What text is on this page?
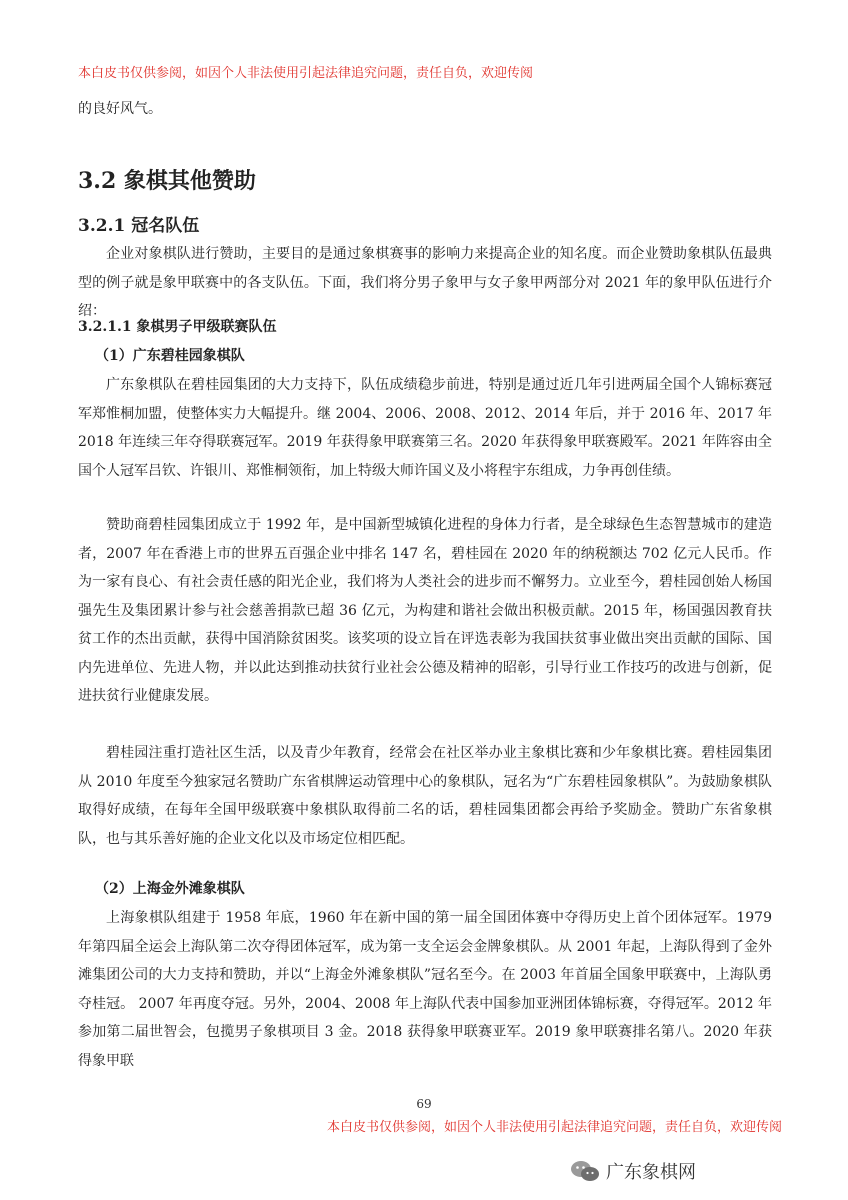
本白皮书仅供参阅，如因个人非法使用引起法律追究问题，责任自负，欢迎传阅
的良好风气。
3.2 象棋其他赞助
3.2.1 冠名队伍

企业对象棋队进行赞助，主要目的是通过象棋赛事的影响力来提高企业的知名度。而企业赞助象棋队伍最典型的例子就是象甲联赛中的各支队伍。下面，我们将分男子象甲与女子象甲两部分对 2021 年的象甲队伍进行介绍：

3.2.1.1 象棋男子甲级联赛队伍
（1）广东碧桂园象棋队

广东象棋队在碧桂园集团的大力支持下，队伍成绩稳步前进，特别是通过近几年引进两届全国个人锦标赛冠军郑惟桐加盟，使整体实力大幅提升。继 2004、2006、2008、2012、2014 年后，并于 2016 年、2017 年 2018 年连续三年夺得联赛冠军。2019 年获得象甲联赛第三名。2020 年获得象甲联赛殿军。2021 年阵容由全国个人冠军吕钦、许银川、郑惟桐领衔，加上特级大师许国义及小将程宇东组成，力争再创佳绩。

赞助商碧桂园集团成立于 1992 年，是中国新型城镇化进程的身体力行者，是全球绿色生态智慧城市的建造者，2007 年在香港上市的世界五百强企业中排名 147 名，碧桂园在 2020 年的纳税额达 702 亿元人民币。作为一家有良心、有社会责任感的阳光企业，我们将为人类社会的进步而不懈努力。立业至今，碧桂园创始人杨国强先生及集团累计参与社会慈善捐款已超 36 亿元，为构建和谐社会做出积极贡献。2015 年，杨国强因教育扶贫工作的杰出贡献，获得中国消除贫困奖。该奖项的设立旨在评选表彰为我国扶贫事业做出突出贡献的国际、国内先进单位、先进人物，并以此达到推动扶贫行业社会公德及精神的昭彰，引导行业工作技巧的改进与创新，促进扶贫行业健康发展。

碧桂园注重打造社区生活，以及青少年教育，经常会在社区举办业主象棋比赛和少年象棋比赛。碧桂园集团从 2010 年度至今独家冠名赞助广东省棋牌运动管理中心的象棋队，冠名为“广东碧桂园象棋队”。为鼓励象棋队取得好成绩，在每年全国甲级联赛中象棋队取得前二名的话，碧桂园集团都会再给予奖励金。赞助广东省象棋队，也与其乐善好施的企业文化以及市场定位相匹配。

（2）上海金外滩象棋队

上海象棋队组建于 1958 年底，1960 年在新中国的第一届全国团体赛中夺得历史上首个团体冠军。1979 年第四届全运会上海队第二次夺得团体冠军，成为第一支全运会金牌象棋队。从 2001 年起，上海队得到了金外滩集团公司的大力支持和赞助，并以“上海金外滩象棋队”冠名至今。在 2003 年首届全国象甲联赛中，上海队勇夺桂冠。 2007 年再度夺冠。另外，2004、2008 年上海队代表中国参加亚洲团体锦标赛，夺得冠军。2012 年参加第二届世智会，包揽男子象棋项目 3 金。2018 获得象甲联赛亚军。2019 象甲联赛排名第八。2020 年获得象甲联

69
本白皮书仅供参阅，如因个人非法使用引起法律追究问题，责任自负，欢迎传阅
广东象棋网
